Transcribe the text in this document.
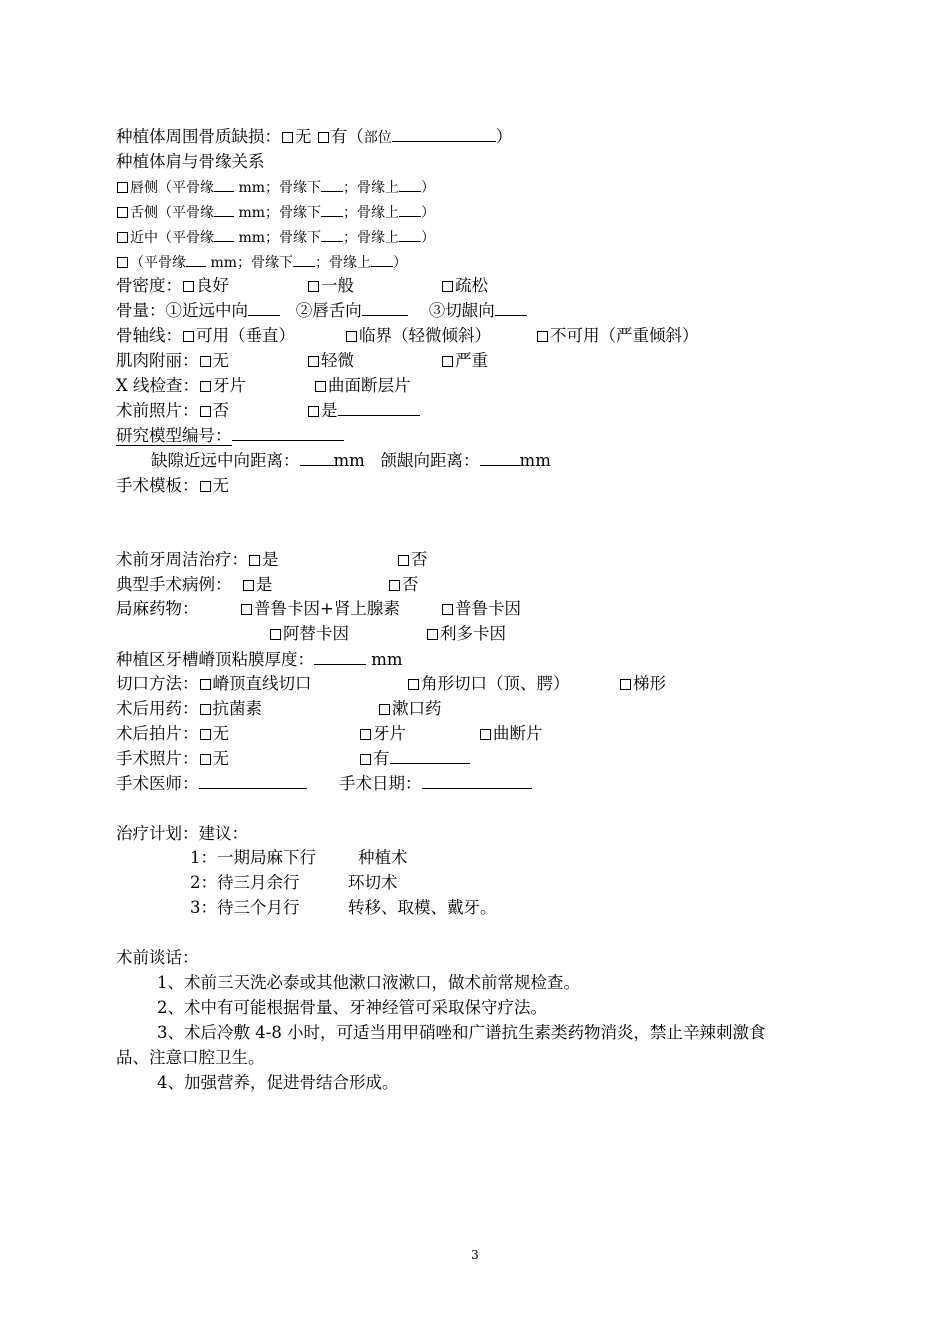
种植体周围骨质缺损： 无 有（部位	）
种植体肩与骨缘关系
唇侧（平骨缘 mm；骨缘下 ；骨缘上 ）
舌侧（平骨缘 mm；骨缘下 ；骨缘上 ）
近中（平骨缘 mm；骨缘下 ；骨缘上 ）
（平骨缘 mm；骨缘下 ；骨缘上 ）
骨密度： 良好	一般	疏松
骨量：①近远中向	②唇舌向	③切龈向
骨轴线： 可用（垂直）	临界（轻微倾斜）	不可用（严重倾斜）
肌肉附丽： 无	轻微	严重
X 线检查： 牙片	曲面断层片
术前照片： 否	是
研究模型编号：
缺隙近远中向距离： mm 颌龈向距离： mm
手术模板： 无
术前牙周洁治疗： 是	否
典型手术病例： 是	否
局麻药物：	普鲁卡因+肾上腺素	普鲁卡因
阿替卡因	利多卡因
种植区牙槽嵴顶粘膜厚度：	mm
切口方法： 嵴顶直线切口	角形切口（顶、腭）	梯形
术后用药： 抗菌素	漱口药
术后拍片： 无	牙片	曲断片
手术照片： 无	有
手术医师：	手术日期：
治疗计划：建议：
1：一期局麻下行	种植术
2：待三月余行	环切术
3：待三个月行	转移、取模、戴牙。
术前谈话：
1、术前三天洗必泰或其他漱口液漱口，做术前常规检查。
2、术中有可能根据骨量、牙神经管可采取保守疗法。
3、术后冷敷 4-8 小时，可适当用甲硝唑和广谱抗生素类药物消炎，禁止辛辣刺激食
品、注意口腔卫生。
4、加强营养，促进骨结合形成。
3
